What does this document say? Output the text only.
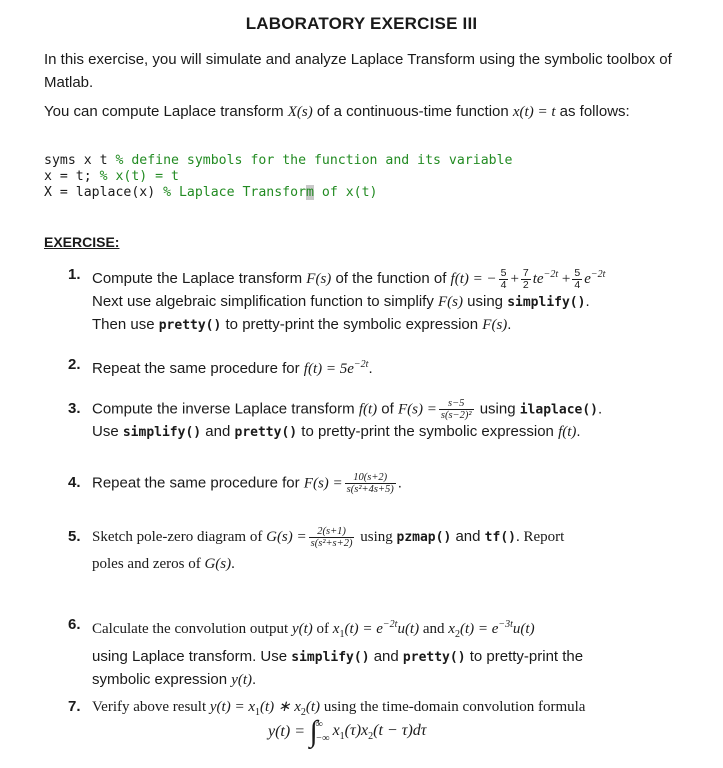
LABORATORY EXERCISE III
In this exercise, you will simulate and analyze Laplace Transform using the symbolic toolbox of Matlab.
You can compute Laplace transform X(s) of a continuous-time function x(t) = t as follows:
syms x t % define symbols for the function and its variable
x = t; % x(t) = t
X = laplace(x) % Laplace Transform of x(t)
EXERCISE:
1. Compute the Laplace transform F(s) of the function of f(t) = − $\frac{5}{4} + \frac{7}{2} te^{-2t} + \frac{5}{4} e^{-2t}$
Next use algebraic simplification function to simplify F(s) using simplify().
Then use pretty() to pretty-print the symbolic expression F(s).
2. Repeat the same procedure for $f(t) = 5e^{-2t}$.
3. Compute the inverse Laplace transform f(t) of $F(s) = \frac{s-5}{\text{s(s−2)²}}$ using ilaplace().
Use simplify() and pretty() to pretty-print the symbolic expression f(t).
4. Repeat the same procedure for $F(s) = \frac{10(s+2)}{\text{s(s²+4s+5)}}$ .
5. Sketch pole-zero diagram of $G(s) = \frac{2(s+1)}{\text{s(s²+s+2)}}$ using pzmap() and tf(). Report
poles and zeros of G(s).
6. Calculate the convolution output y(t) of $x_1(t) = e^{-2t}u(t)$ and $x_2(t) = e^{-3t}u(t)$
using Laplace transform. Use simplify() and pretty() to pretty-print the
symbolic expression y(t).
7. Verify above result $y(t) = x_1(t)$ ∗ $x_2(t)$ using the time-domain convolution formula
y(t) = ∫
∞
−∞ $x_1(\tau)x_2(t - \tau)d\tau$
